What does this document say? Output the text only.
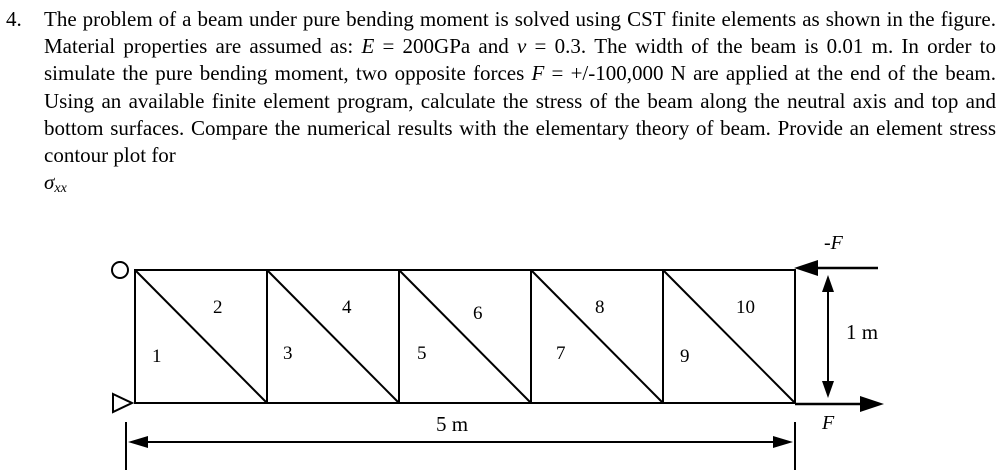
4. The problem of a beam under pure bending moment is solved using CST finite elements as shown in the figure. Material properties are assumed as: E = 200GPa and ν = 0.3. The width of the beam is 0.01 m. In order to simulate the pure bending moment, two opposite forces F = +/-100,000 N are applied at the end of the beam. Using an available finite element program, calculate the stress of the beam along the neutral axis and top and bottom surfaces. Compare the numerical results with the elementary theory of beam. Provide an element stress contour plot for
$\sigma_{xx}$
1
2
3
4
5
6
7
8
9
10
-F
F
1 m
5 m
